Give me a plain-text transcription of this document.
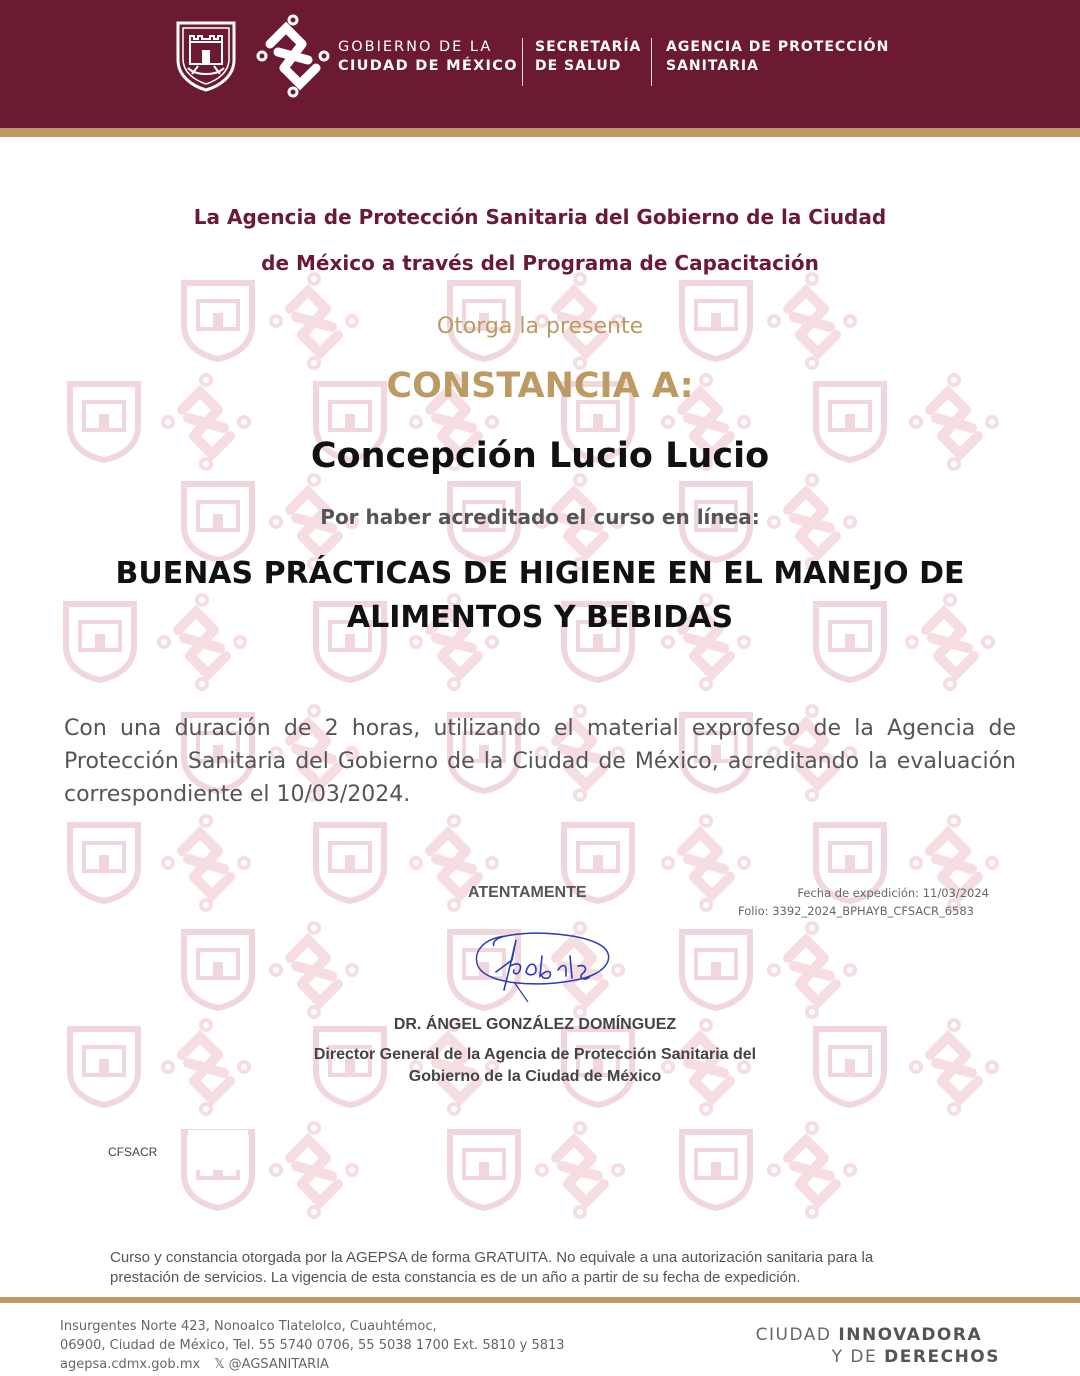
GOBIERNO DE LA
CIUDAD DE MÉXICO
SECRETARÍA
DE SALUD
AGENCIA DE PROTECCIÓN
SANITARIA
La Agencia de Protección Sanitaria del Gobierno de la Ciudad
de México a través del Programa de Capacitación
Otorga la presente
CONSTANCIA A:
Concepción Lucio Lucio
Por haber acreditado el curso en línea:
BUENAS PRÁCTICAS DE HIGIENE EN EL MANEJO DE
ALIMENTOS Y BEBIDAS
Con una duración de 2 horas, utilizando el material exprofeso de la Agencia de Protección Sanitaria del Gobierno de la Ciudad de México, acreditando la evaluación correspondiente el 10/03/2024.
ATENTAMENTE	Fecha de expedición: 11/03/2024
Folio: 3392_2024_BPHAYB_CFSACR_6583
DR. ÁNGEL GONZÁLEZ DOMÍNGUEZ
Director General de la Agencia de Protección Sanitaria del
Gobierno de la Ciudad de México
CFSACR
Curso y constancia otorgada por la AGEPSA de forma GRATUITA. No equivale a una autorización sanitaria para la
prestación de servicios. La vigencia de esta constancia es de un año a partir de su fecha de expedición.
Insurgentes Norte 423, Nonoalco Tlatelolco, Cuauhtémoc,
06900, Ciudad de México, Tel. 55 5740 0706, 55 5038 1700 Ext. 5810 y 5813
agepsa.cdmx.gob.mx 𝕏 @AGSANITARIA
CIUDAD INNOVADORA
Y DE DERECHOS
